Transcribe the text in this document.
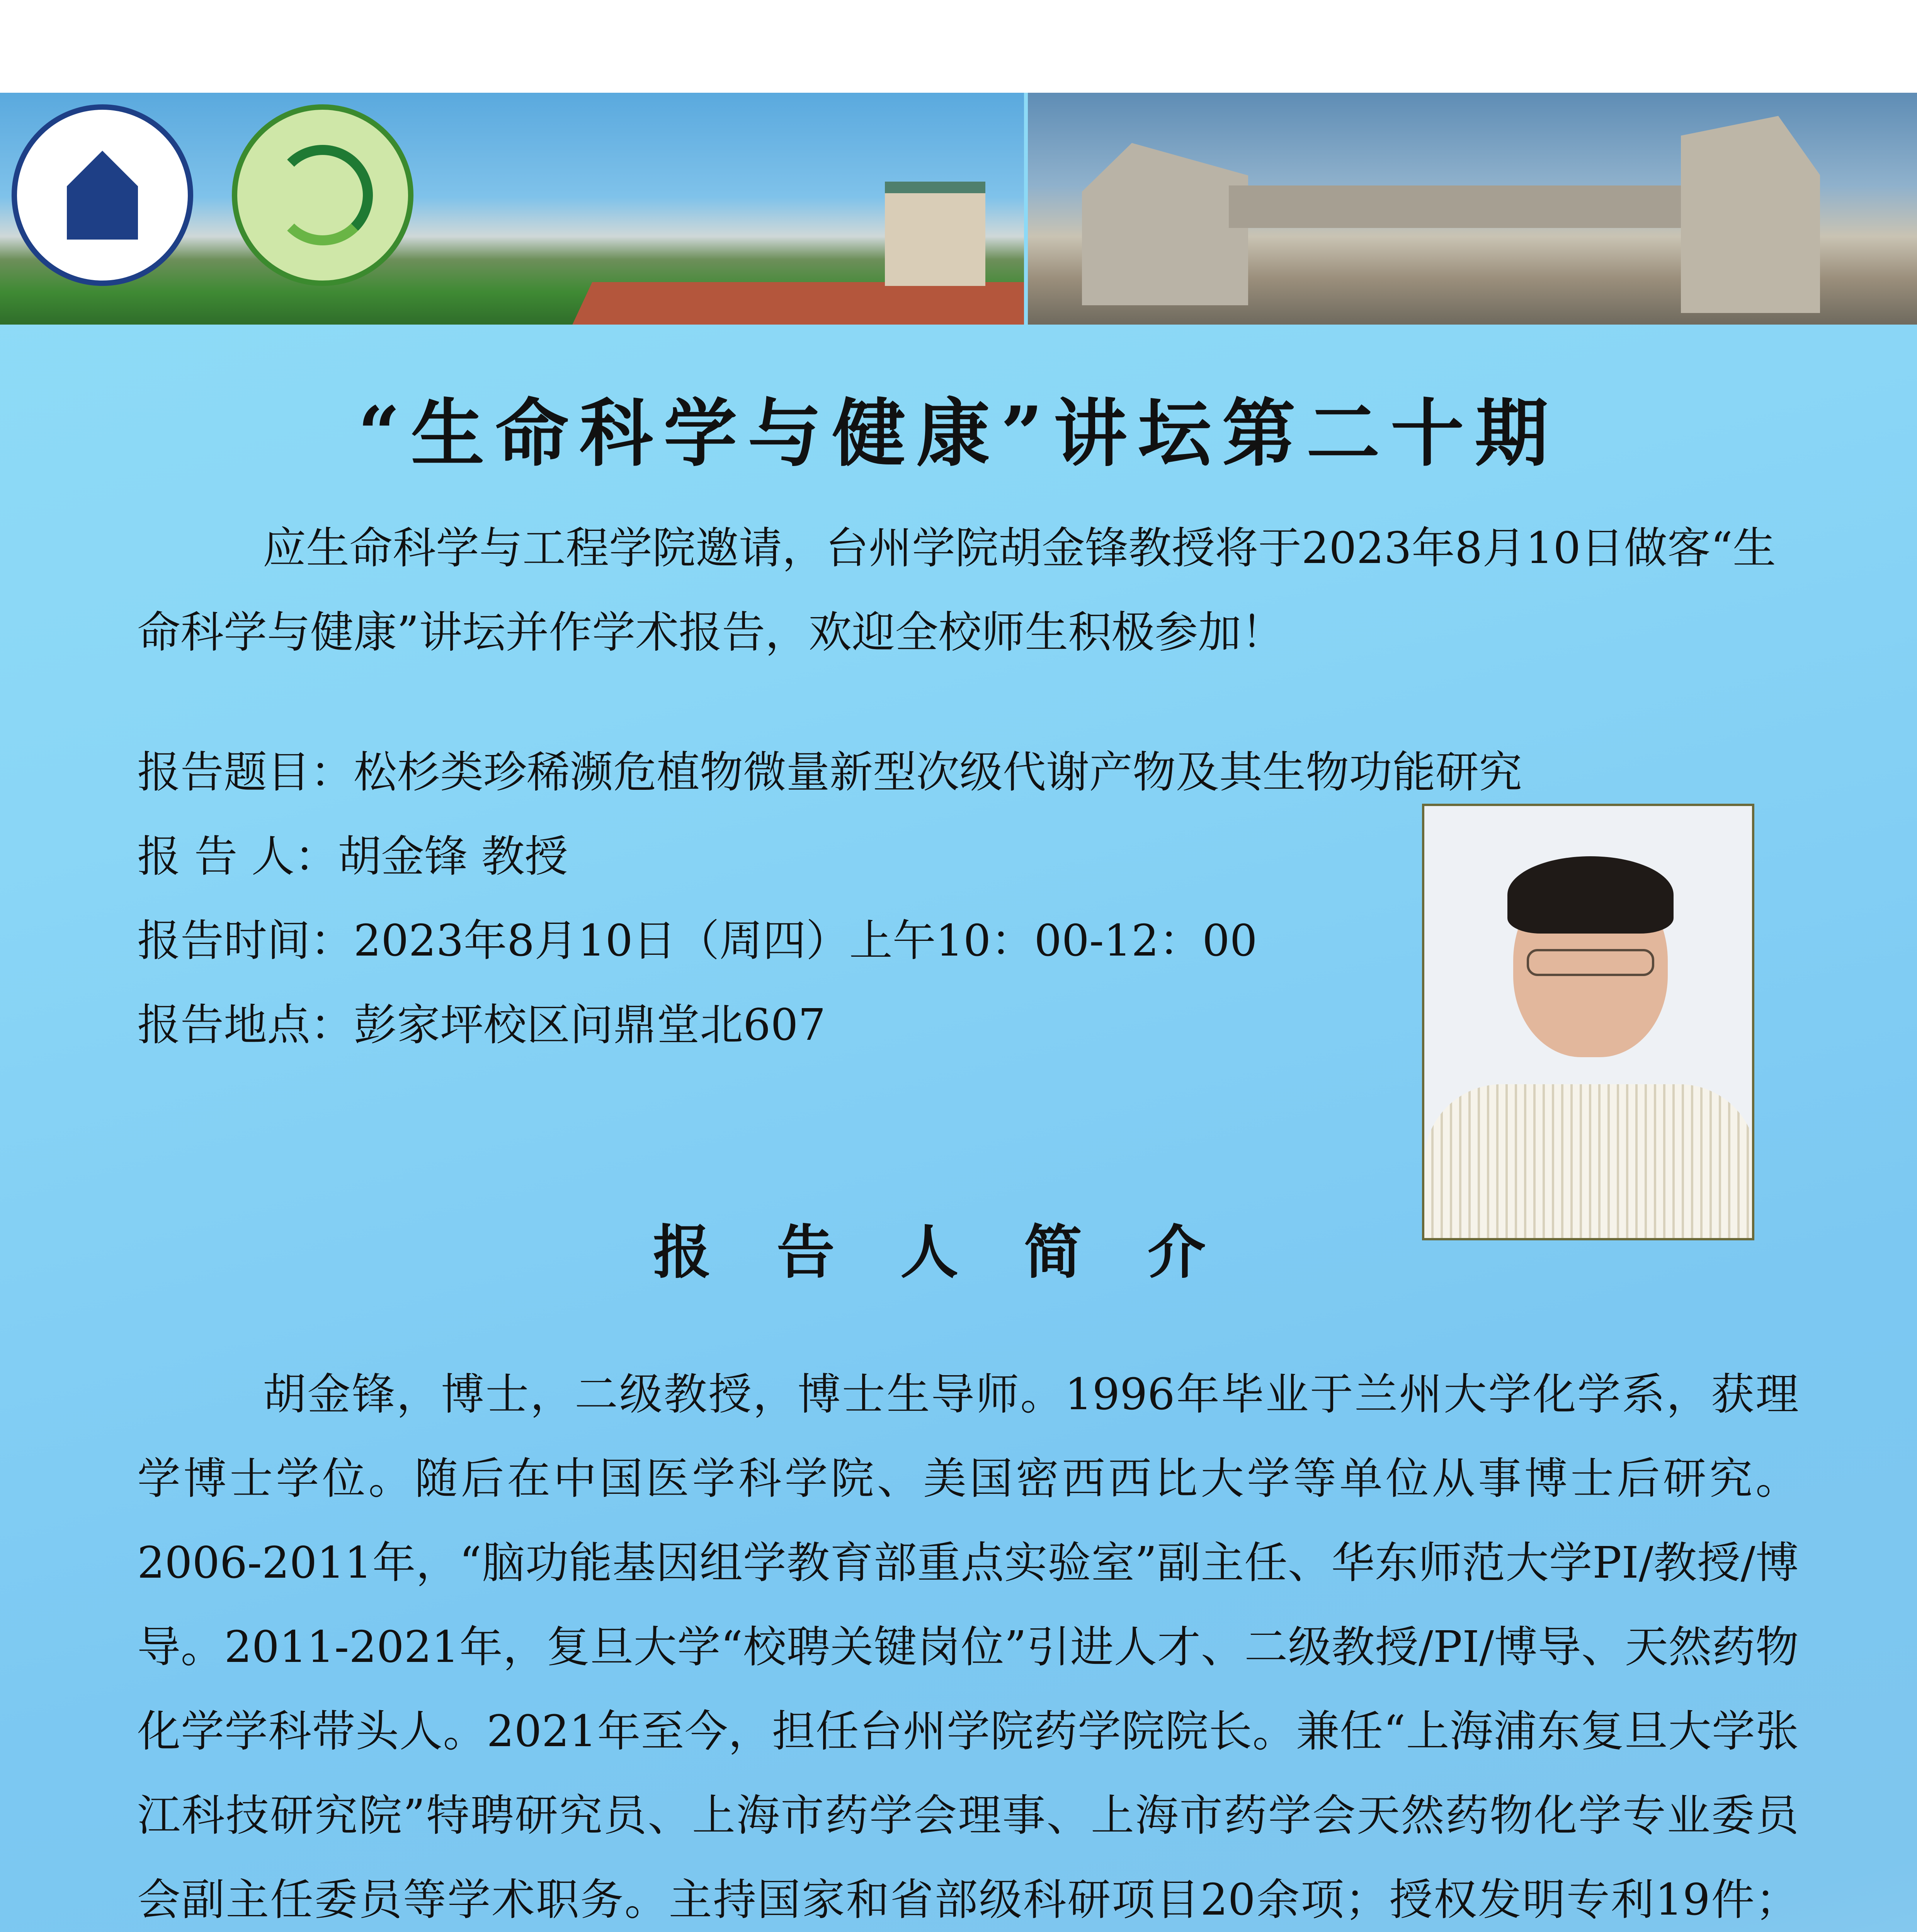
“生命科学与健康”讲坛第二十期
应生命科学与工程学院邀请，台州学院胡金锋教授将于2023年8月10日做客“生命科学与健康”讲坛并作学术报告，欢迎全校师生积极参加！
报告题目：松杉类珍稀濒危植物微量新型次级代谢产物及其生物功能研究
报 告 人：胡金锋 教授
报告时间：2023年8月10日（周四）上午10：00-12：00
报告地点：彭家坪校区问鼎堂北607
报告人简介
胡金锋，博士，二级教授，博士生导师。1996年毕业于兰州大学化学系，获理学博士学位。随后在中国医学科学院、美国密西西比大学等单位从事博士后研究。2006-2011年，“脑功能基因组学教育部重点实验室”副主任、华东师范大学PI/教授/博导。2011-2021年，复旦大学“校聘关键岗位”引进人才、二级教授/PI/博导、天然药物化学学科带头人。2021年至今，担任台州学院药学院院长。兼任“上海浦东复旦大学张江科技研究院”特聘研究员、上海市药学会理事、上海市药学会天然药物化学专业委员会副主任委员等学术职务。主持国家和省部级科研项目20余项；授权发明专利19件；
